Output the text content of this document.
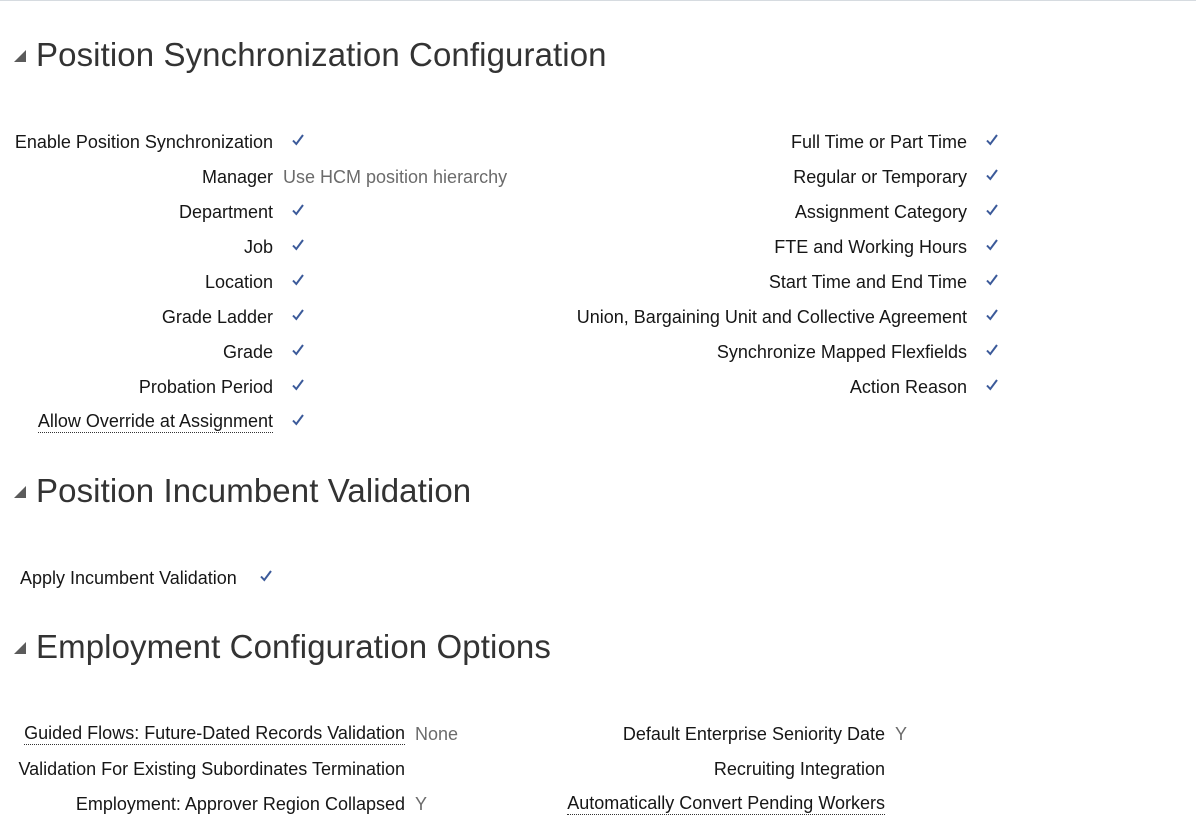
Position Synchronization Configuration
Enable Position Synchronization
Manager Use HCM position hierarchy
Department
Job
Location
Grade Ladder
Grade
Probation Period
Allow Override at Assignment
Full Time or Part Time
Regular or Temporary
Assignment Category
FTE and Working Hours
Start Time and End Time
Union, Bargaining Unit and Collective Agreement
Synchronize Mapped Flexfields
Action Reason
Position Incumbent Validation
Apply Incumbent Validation
Employment Configuration Options
Guided Flows: Future-Dated Records Validation None
Validation For Existing Subordinates Termination
Employment: Approver Region Collapsed Y
Default Enterprise Seniority Date Y
Recruiting Integration
Automatically Convert Pending Workers
